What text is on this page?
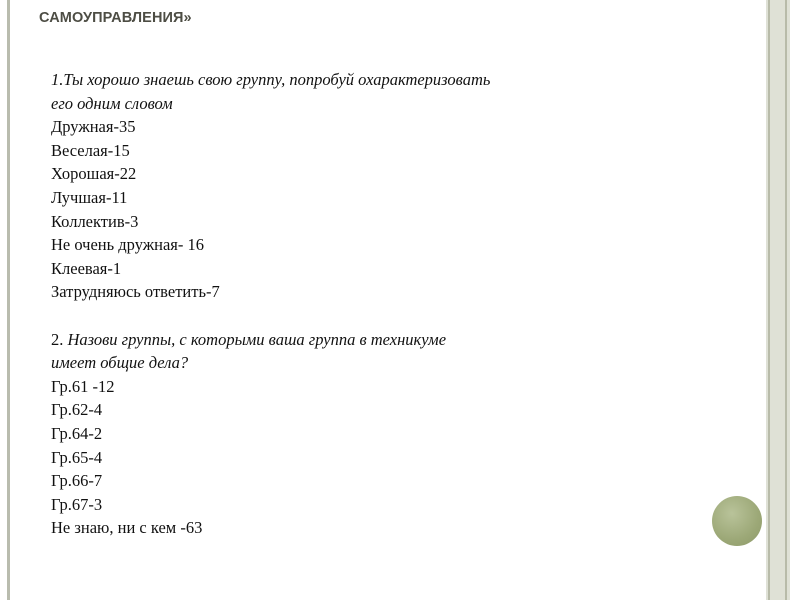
САМОУПРАВЛЕНИЯ»
1.Ты хорошо знаешь свою группу, попробуй охарактеризовать
его одним словом
Дружная-35
Веселая-15
Хорошая-22
Лучшая-11
Коллектив-3
Не очень дружная- 16
Клеевая-1
Затрудняюсь ответить-7
2. Назови группы, с которыми ваша группа в техникуме
имеет общие дела?
Гр.61 -12
Гр.62-4
Гр.64-2
Гр.65-4
Гр.66-7
Гр.67-3
Не знаю, ни с кем -63
